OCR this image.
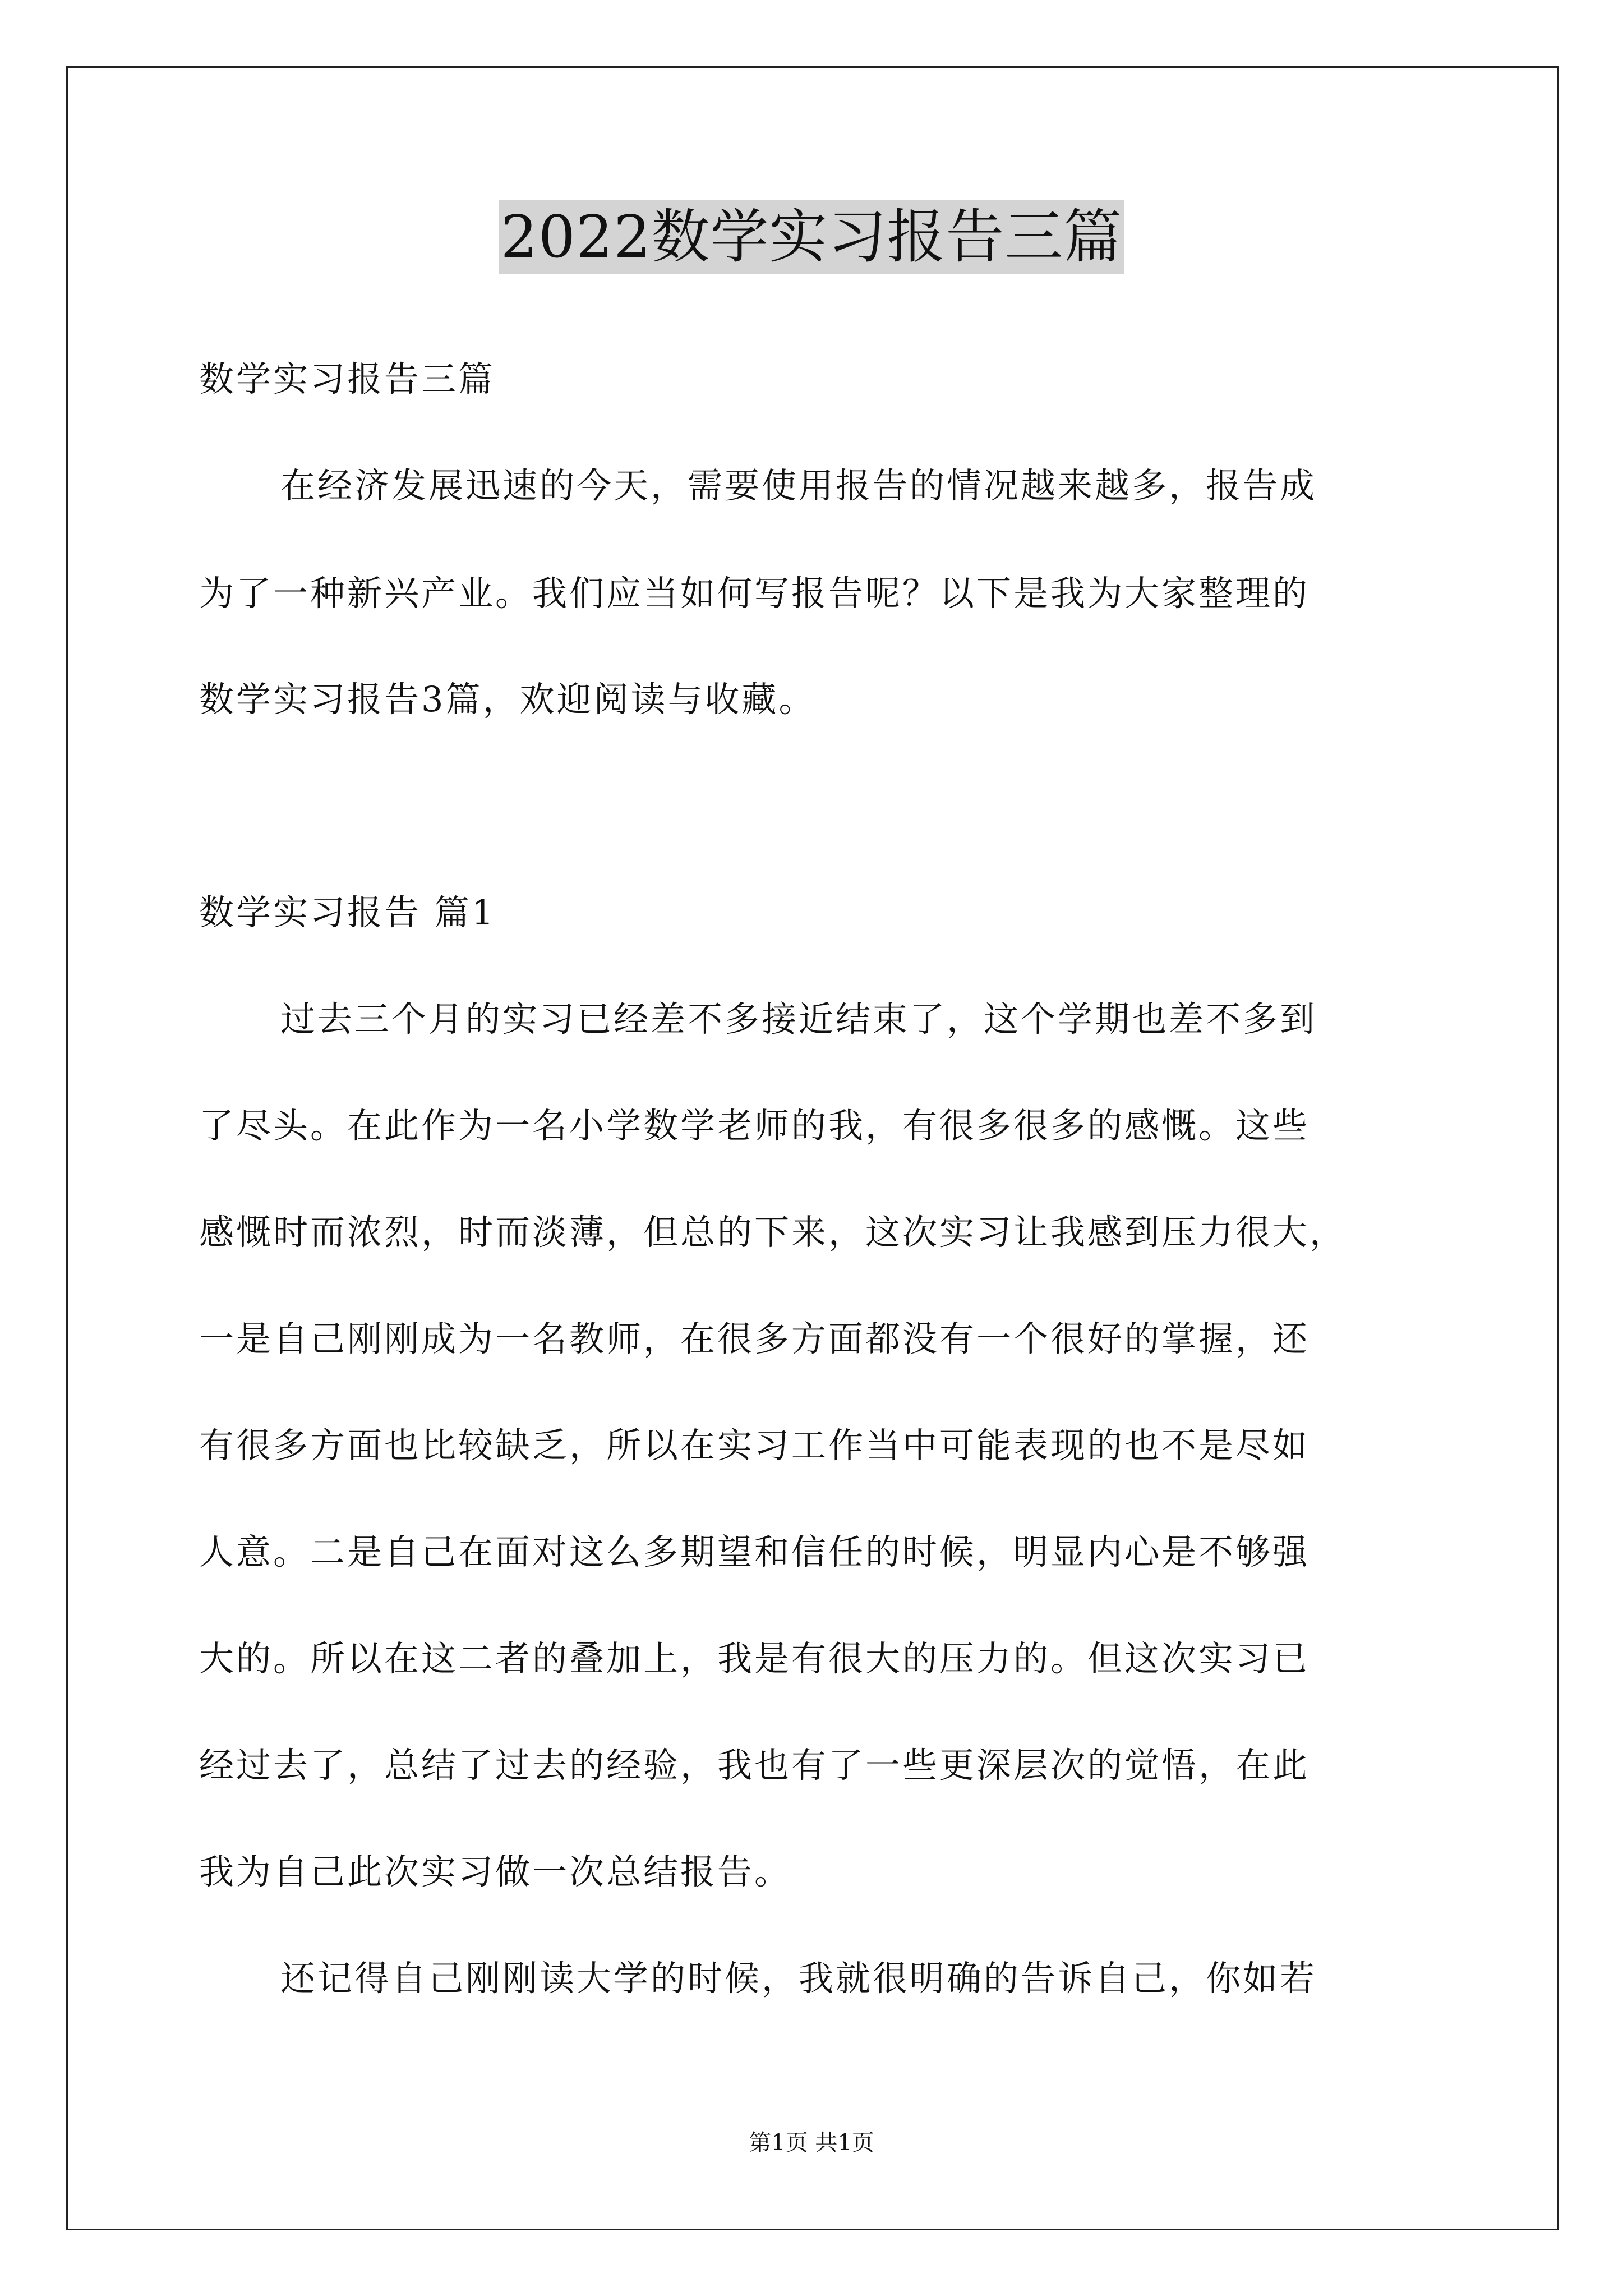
2022数学实习报告三篇
数学实习报告三篇
在经济发展迅速的今天，需要使用报告的情况越来越多，报告成
为了一种新兴产业。我们应当如何写报告呢？以下是我为大家整理的
数学实习报告3篇，欢迎阅读与收藏。
数学实习报告 篇1
过去三个月的实习已经差不多接近结束了，这个学期也差不多到
了尽头。在此作为一名小学数学老师的我，有很多很多的感慨。这些
感慨时而浓烈，时而淡薄，但总的下来，这次实习让我感到压力很大，
一是自己刚刚成为一名教师，在很多方面都没有一个很好的掌握，还
有很多方面也比较缺乏，所以在实习工作当中可能表现的也不是尽如
人意。二是自己在面对这么多期望和信任的时候，明显内心是不够强
大的。所以在这二者的叠加上，我是有很大的压力的。但这次实习已
经过去了，总结了过去的经验，我也有了一些更深层次的觉悟，在此
我为自己此次实习做一次总结报告。
还记得自己刚刚读大学的时候，我就很明确的告诉自己，你如若
第1页 共1页
